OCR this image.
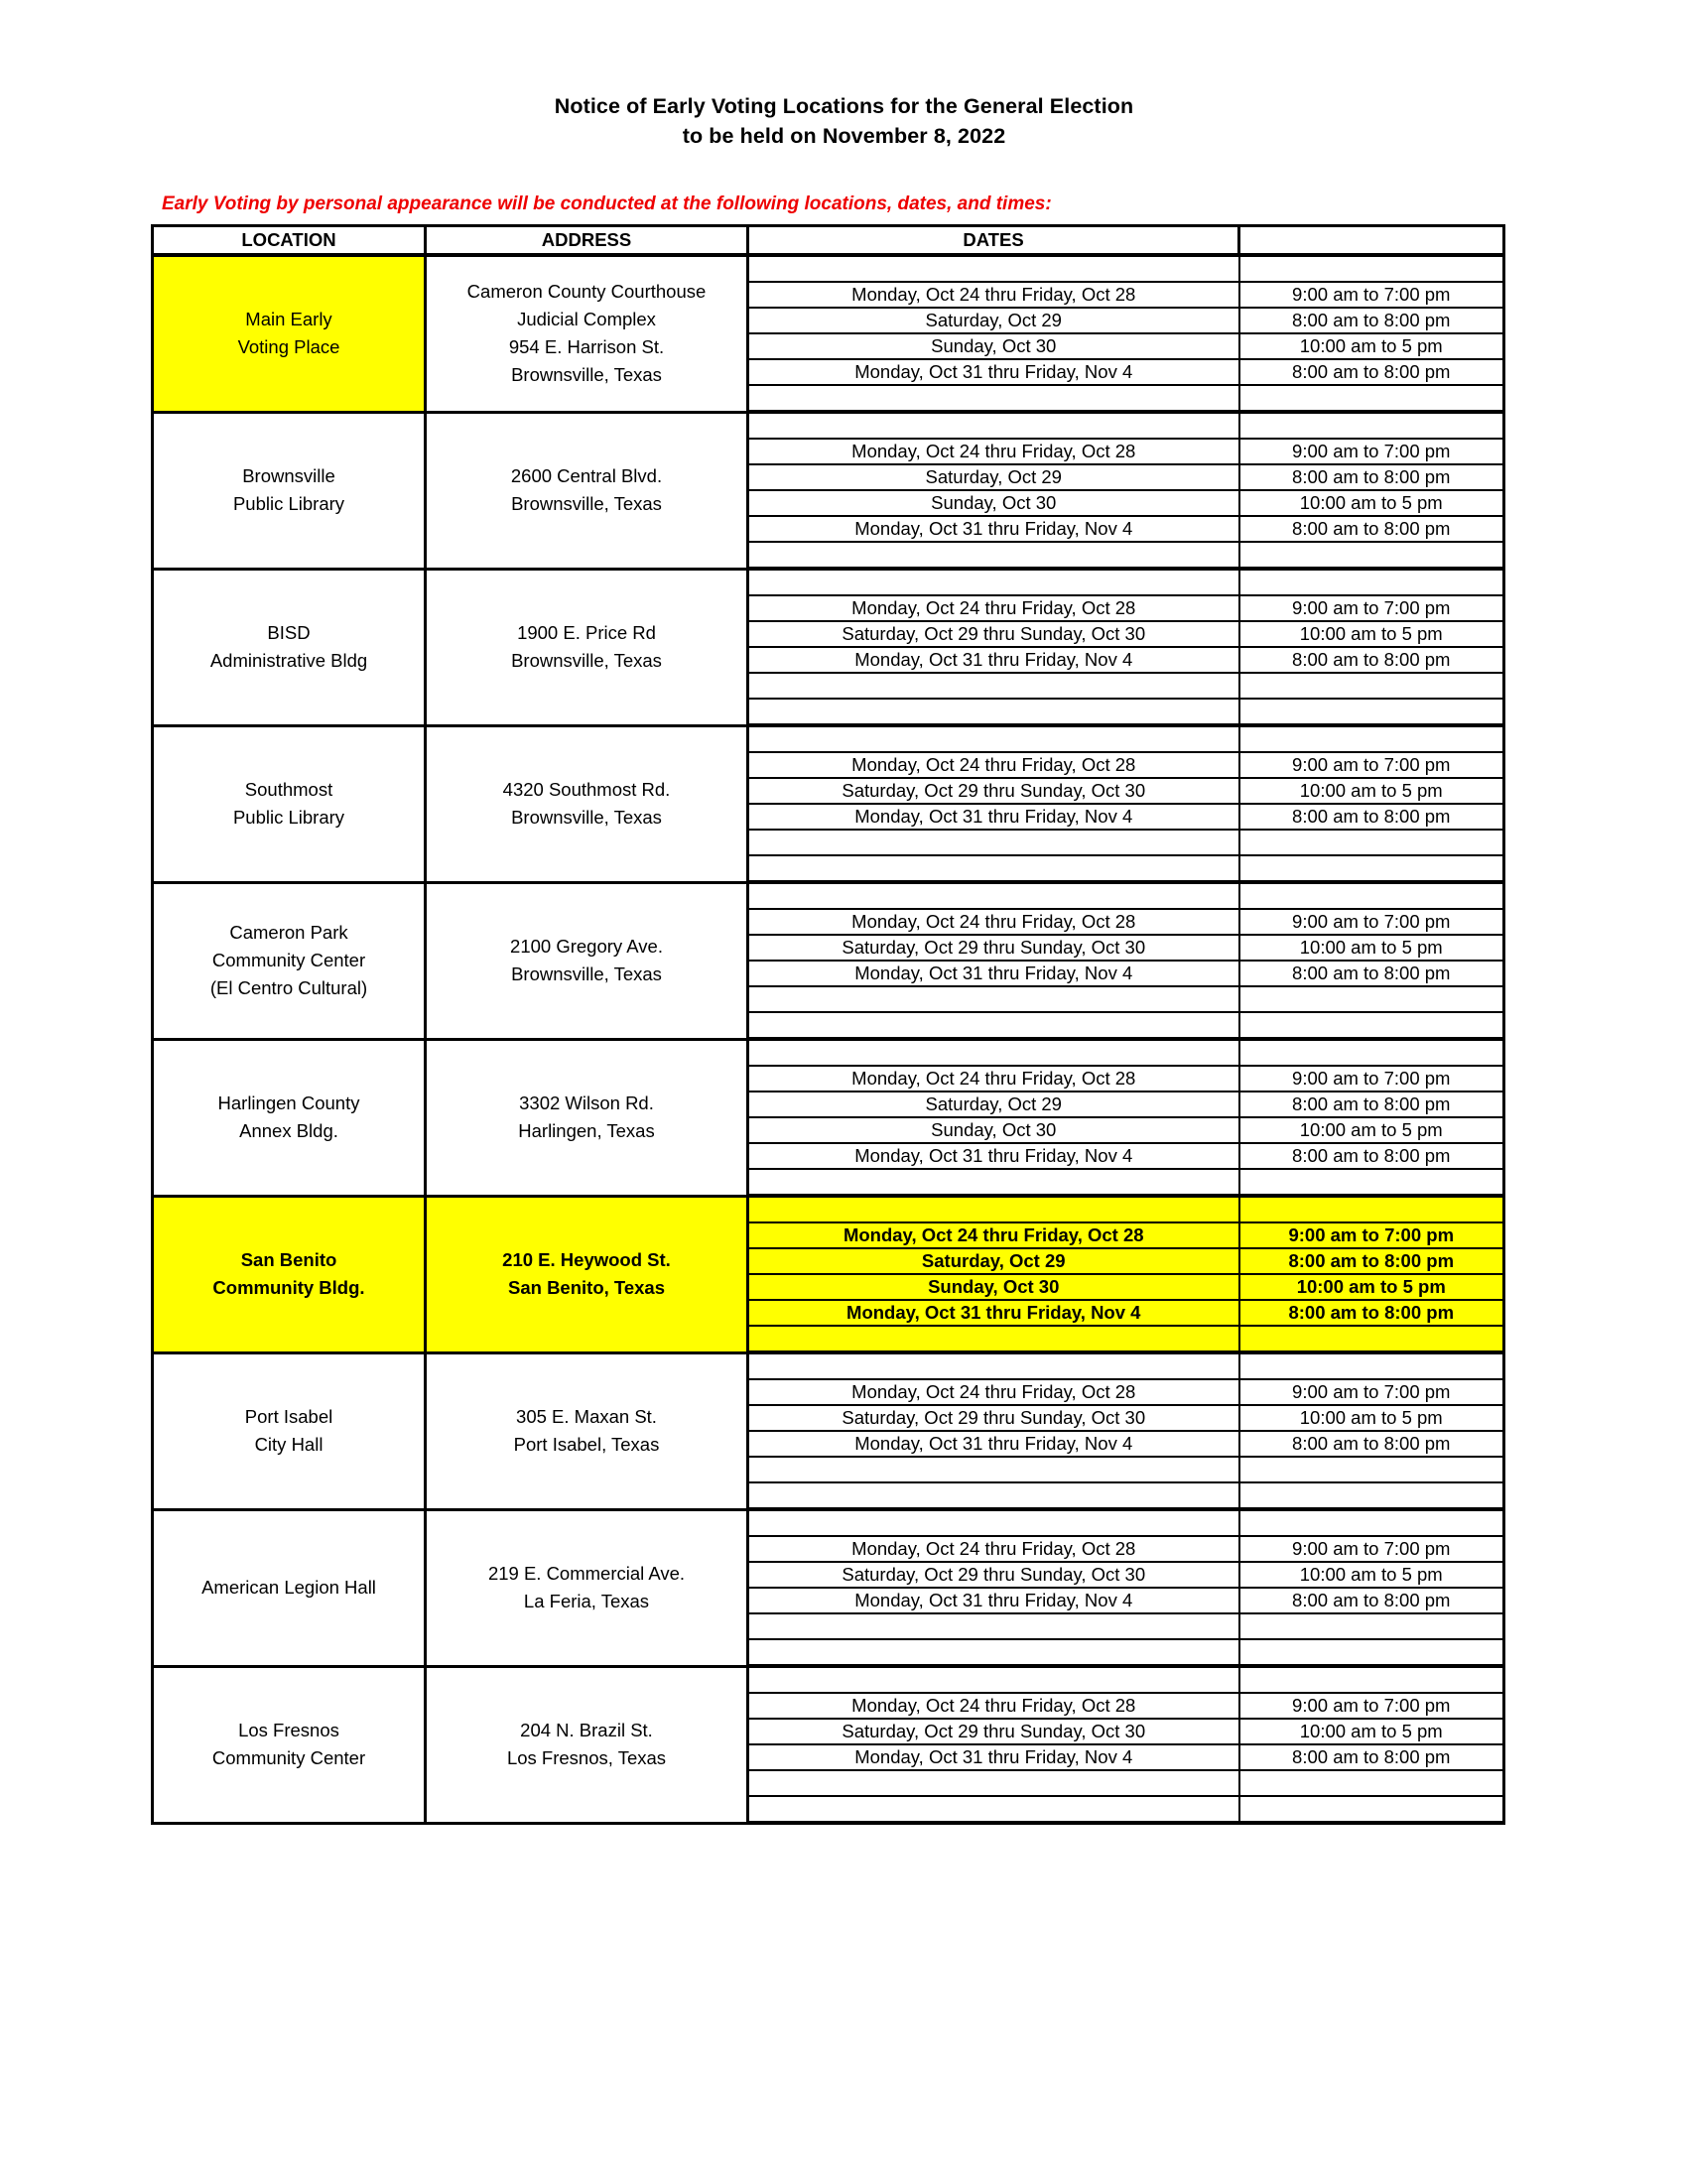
Notice of Early Voting Locations for the General Election
to be held on November 8, 2022
Early Voting by personal appearance will be conducted at the following locations, dates, and times:
LOCATION	ADDRESS	DATES	

Main Early
Voting Place	Cameron County Courthouse
Judicial Complex
954 E. Harrison St.
Brownsville, Texas		

		Monday, Oct 24 thru Friday, Oct 28	9:00 am to 7:00 pm
		Saturday, Oct 29	8:00 am to 8:00 pm
		Sunday, Oct 30	10:00 am to 5 pm
		Monday, Oct 31 thru Friday, Nov 4	8:00 am to 8:00 pm

Brownsville
Public Library	2600 Central Blvd.
Brownsville, Texas		

		Monday, Oct 24 thru Friday, Oct 28	9:00 am to 7:00 pm
		Saturday, Oct 29	8:00 am to 8:00 pm
		Sunday, Oct 30	10:00 am to 5 pm
		Monday, Oct 31 thru Friday, Nov 4	8:00 am to 8:00 pm

BISD
Administrative Bldg	1900 E. Price Rd
Brownsville, Texas		

		Monday, Oct 24 thru Friday, Oct 28	9:00 am to 7:00 pm
		Saturday, Oct 29 thru Sunday, Oct 30	10:00 am to 5 pm
		Monday, Oct 31 thru Friday, Nov 4	8:00 am to 8:00 pm

Southmost
Public Library	4320 Southmost Rd.
Brownsville, Texas		

		Monday, Oct 24 thru Friday, Oct 28	9:00 am to 7:00 pm
		Saturday, Oct 29 thru Sunday, Oct 30	10:00 am to 5 pm
		Monday, Oct 31 thru Friday, Nov 4	8:00 am to 8:00 pm

Cameron Park
Community Center
(El Centro Cultural)	2100 Gregory Ave.
Brownsville, Texas		

		Monday, Oct 24 thru Friday, Oct 28	9:00 am to 7:00 pm
		Saturday, Oct 29 thru Sunday, Oct 30	10:00 am to 5 pm
		Monday, Oct 31 thru Friday, Nov 4	8:00 am to 8:00 pm

Harlingen County
Annex Bldg.	3302 Wilson Rd.
Harlingen, Texas		

		Monday, Oct 24 thru Friday, Oct 28	9:00 am to 7:00 pm
		Saturday, Oct 29	8:00 am to 8:00 pm
		Sunday, Oct 30	10:00 am to 5 pm
		Monday, Oct 31 thru Friday, Nov 4	8:00 am to 8:00 pm

San Benito
Community Bldg.	210 E. Heywood St.
San Benito, Texas		

		Monday, Oct 24 thru Friday, Oct 28	9:00 am to 7:00 pm
		Saturday, Oct 29	8:00 am to 8:00 pm
		Sunday, Oct 30	10:00 am to 5 pm
		Monday, Oct 31 thru Friday, Nov 4	8:00 am to 8:00 pm

Port Isabel
City Hall	305 E. Maxan St.
Port Isabel, Texas		

		Monday, Oct 24 thru Friday, Oct 28	9:00 am to 7:00 pm
		Saturday, Oct 29 thru Sunday, Oct 30	10:00 am to 5 pm
		Monday, Oct 31 thru Friday, Nov 4	8:00 am to 8:00 pm

American Legion Hall	219 E. Commercial Ave.
La Feria, Texas		

		Monday, Oct 24 thru Friday, Oct 28	9:00 am to 7:00 pm
		Saturday, Oct 29 thru Sunday, Oct 30	10:00 am to 5 pm
		Monday, Oct 31 thru Friday, Nov 4	8:00 am to 8:00 pm

Los Fresnos
Community Center	204 N. Brazil St.
Los Fresnos, Texas		

		Monday, Oct 24 thru Friday, Oct 28	9:00 am to 7:00 pm
		Saturday, Oct 29 thru Sunday, Oct 30	10:00 am to 5 pm
		Monday, Oct 31 thru Friday, Nov 4	8:00 am to 8:00 pm
